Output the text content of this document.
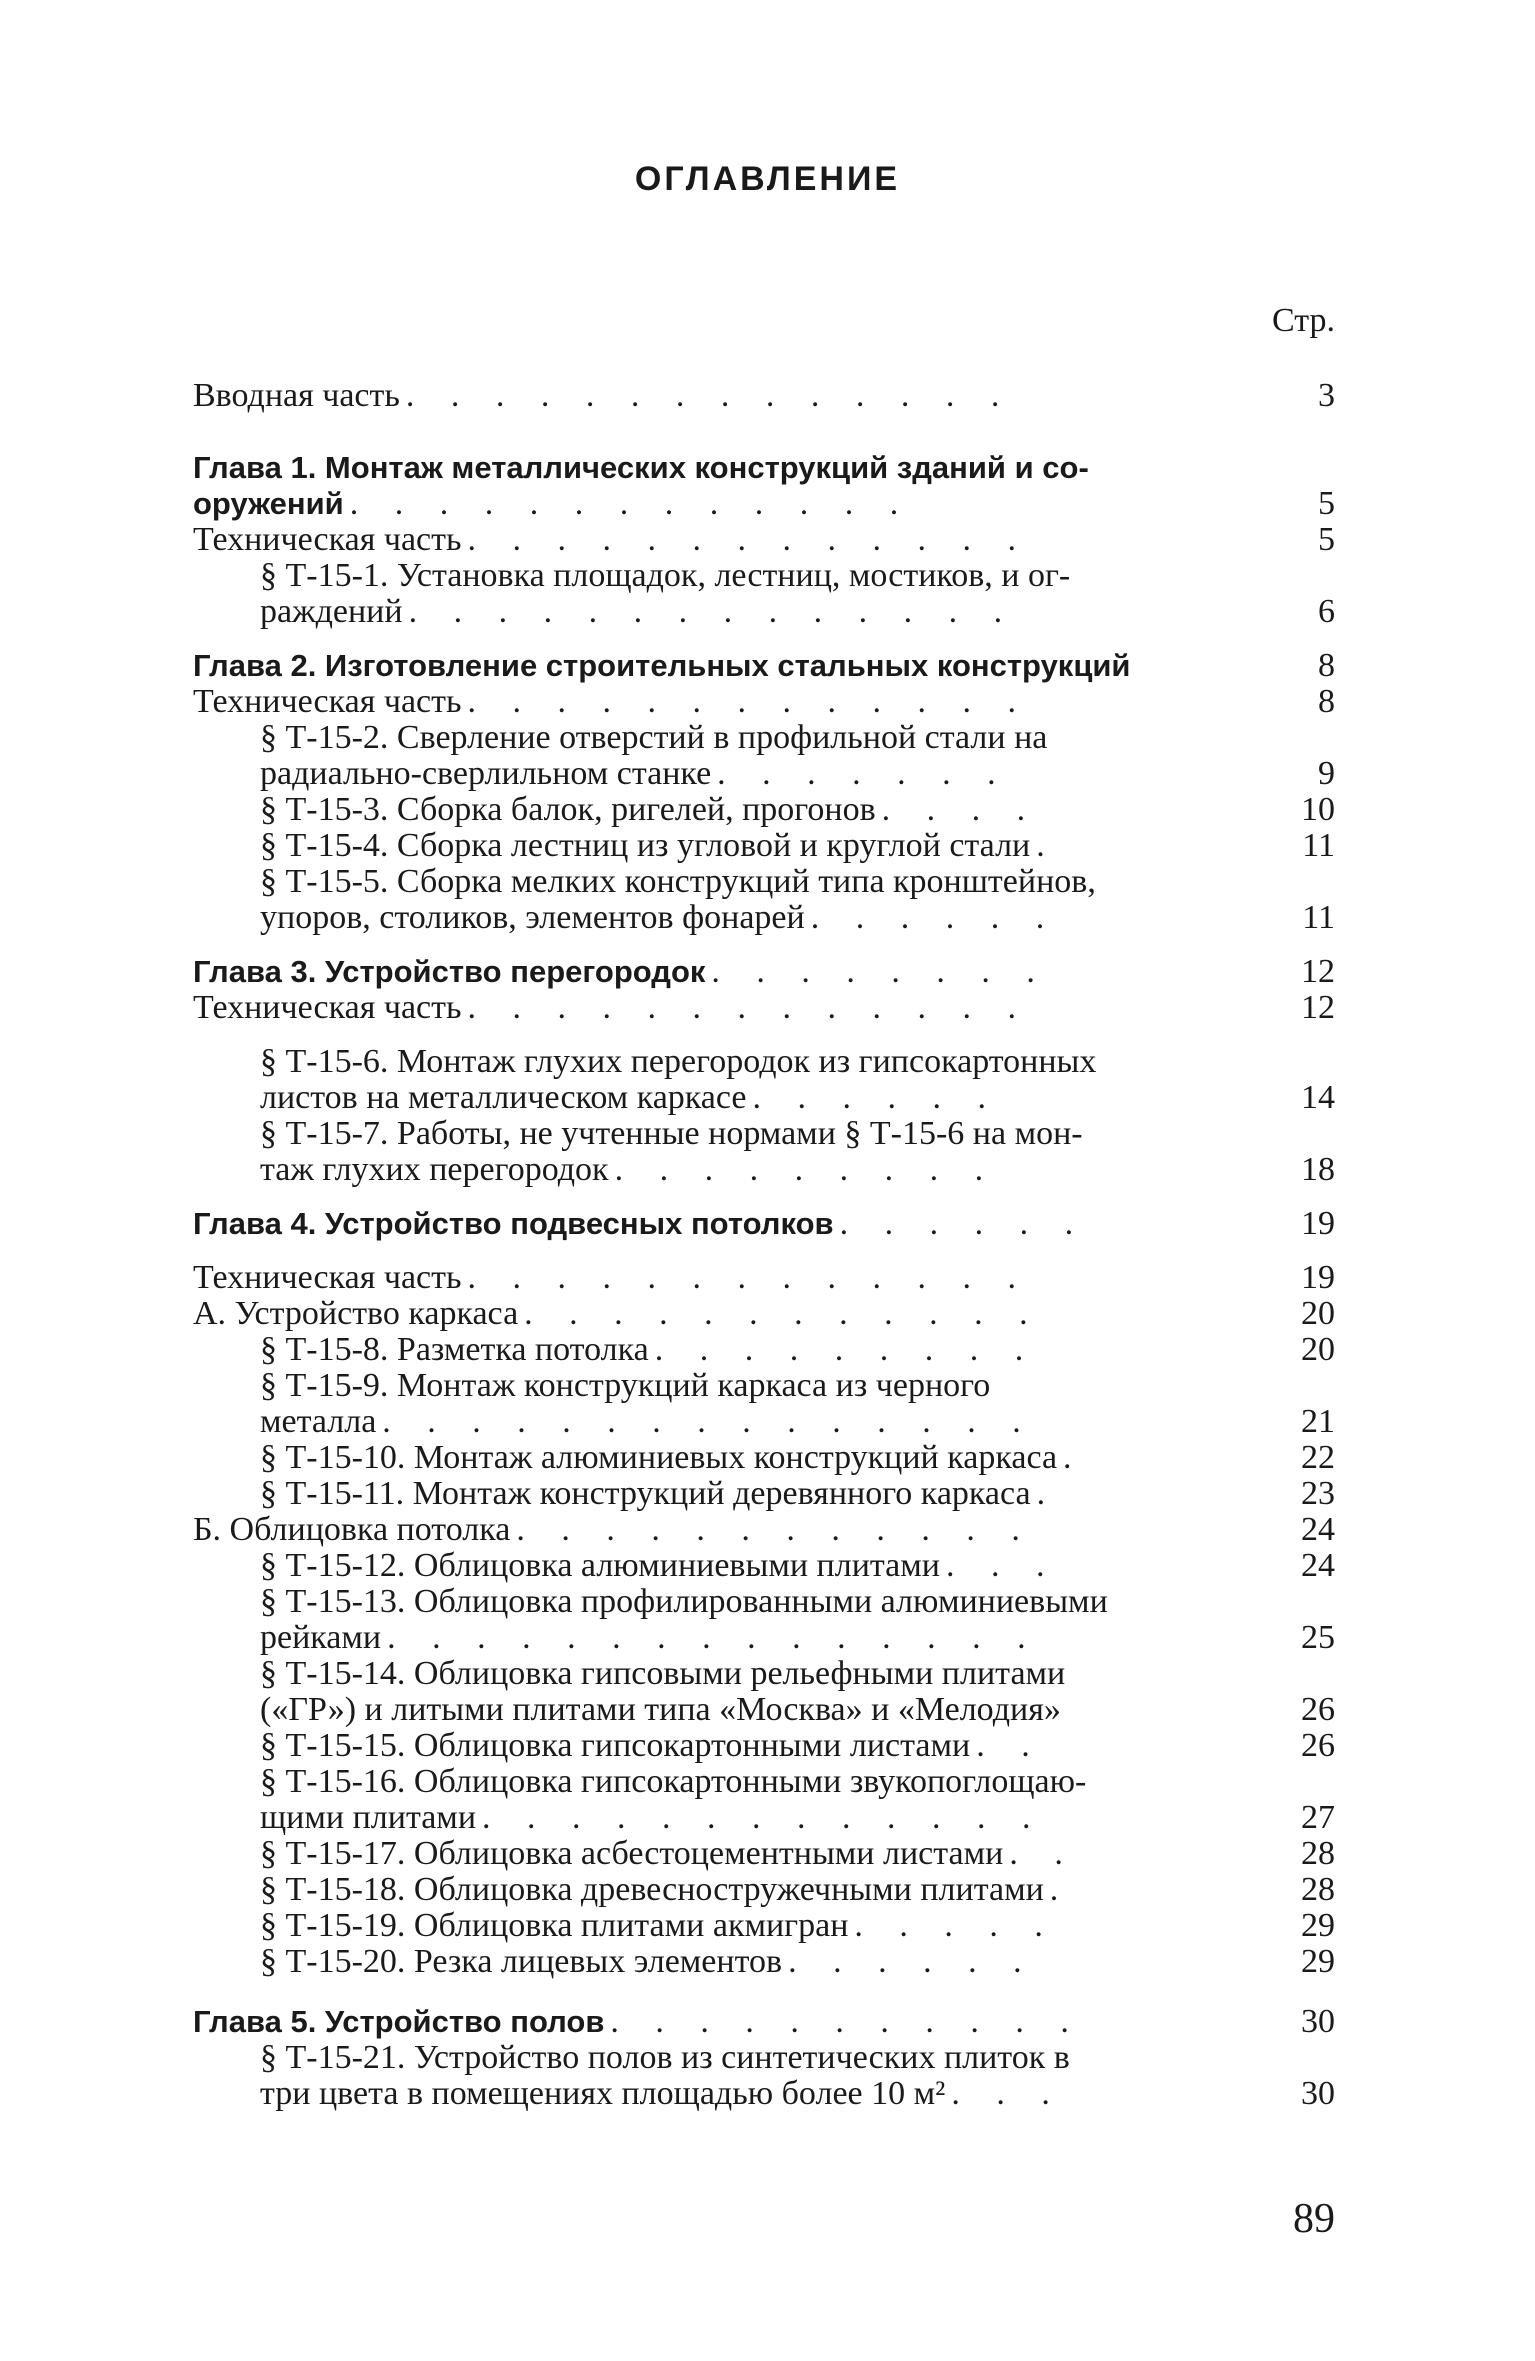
ОГЛАВЛЕНИЕ
Стр.
Вводная часть . . . . . . . . . . . . . .	3
Глава 1. Монтаж металлических конструкций зданий и со-
оружений . . . . . . . . . . . . .	5
Техническая часть . . . . . . . . . . . . .	5
§ Т-15-1. Установка площадок, лестниц, мостиков, и ог-
раждений . . . . . . . . . . . . . .	6
Глава 2. Изготовление строительных стальных конструкций	8
Техническая часть . . . . . . . . . . . . .	8
§ Т-15-2. Сверление отверстий в профильной стали на
радиально-сверлильном станке . . . . . . .	9
§ Т-15-3. Сборка балок, ригелей, прогонов . . . .	10
§ Т-15-4. Сборка лестниц из угловой и круглой стали .	11
§ Т-15-5. Сборка мелких конструкций типа кронштейнов,
упоров, столиков, элементов фонарей . . . . . .	11
Глава 3. Устройство перегородок . . . . . . . .	12
Техническая часть . . . . . . . . . . . . .	12
§ Т-15-6. Монтаж глухих перегородок из гипсокартонных
листов на металлическом каркасе . . . . . .	14
§ Т-15-7. Работы, не учтенные нормами § Т-15-6 на мон-
таж глухих перегородок . . . . . . . . .	18
Глава 4. Устройство подвесных потолков . . . . . .	19
Техническая часть . . . . . . . . . . . . .	19
А. Устройство каркаса . . . . . . . . . . . .	20
§ Т-15-8. Разметка потолка . . . . . . . . .	20
§ Т-15-9. Монтаж конструкций каркаса из черного
металла . . . . . . . . . . . . . . .	21
§ Т-15-10. Монтаж алюминиевых конструкций каркаса .	22
§ Т-15-11. Монтаж конструкций деревянного каркаса .	23
Б. Облицовка потолка . . . . . . . . . . . .	24
§ Т-15-12. Облицовка алюминиевыми плитами . . .	24
§ Т-15-13. Облицовка профилированными алюминиевыми
рейками . . . . . . . . . . . . . . .	25
§ Т-15-14. Облицовка гипсовыми рельефными плитами
(«ГР») и литыми плитами типа «Москва» и «Мелодия»	26
§ Т-15-15. Облицовка гипсокартонными листами . .	26
§ Т-15-16. Облицовка гипсокартонными звукопоглощаю-
щими плитами . . . . . . . . . . . . .	27
§ Т-15-17. Облицовка асбестоцементными листами . .	28
§ Т-15-18. Облицовка древесностружечными плитами .	28
§ Т-15-19. Облицовка плитами акмигран . . . . .	29
§ Т-15-20. Резка лицевых элементов . . . . . .	29
Глава 5. Устройство полов . . . . . . . . . . .	30
§ Т-15-21. Устройство полов из синтетических плиток в
три цвета в помещениях площадью более 10 м² . . .	30
89
